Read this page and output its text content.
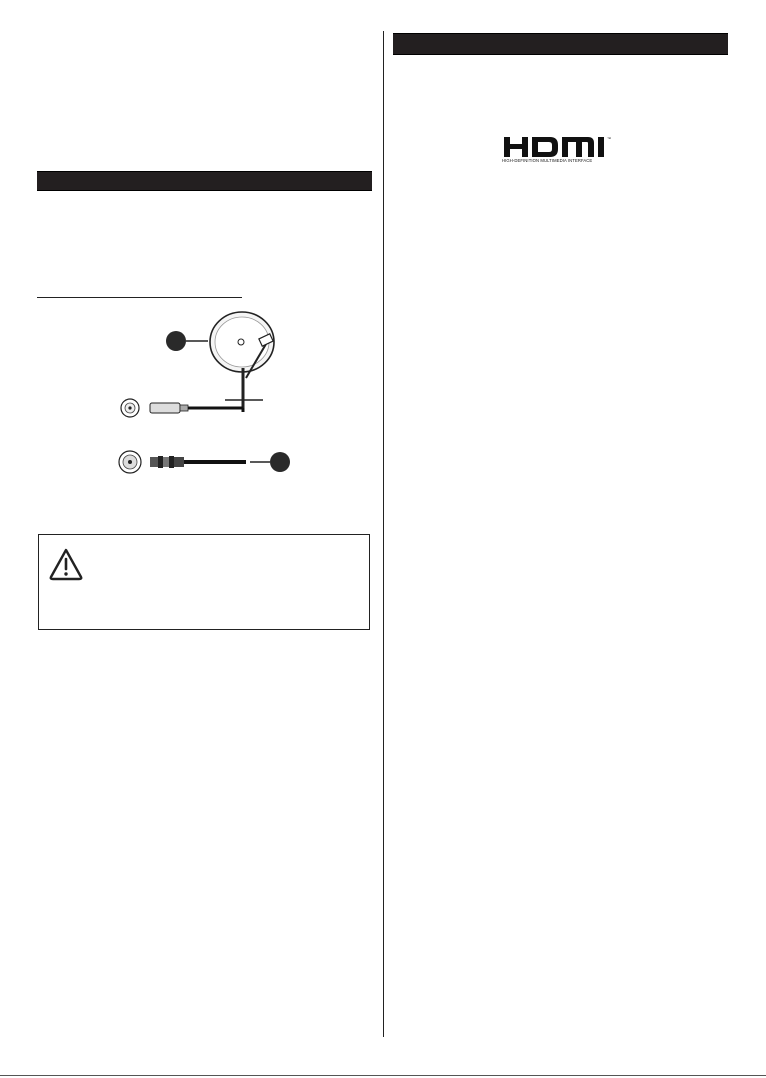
™
HIGH-DEFINITION MULTIMEDIA INTERFACE
